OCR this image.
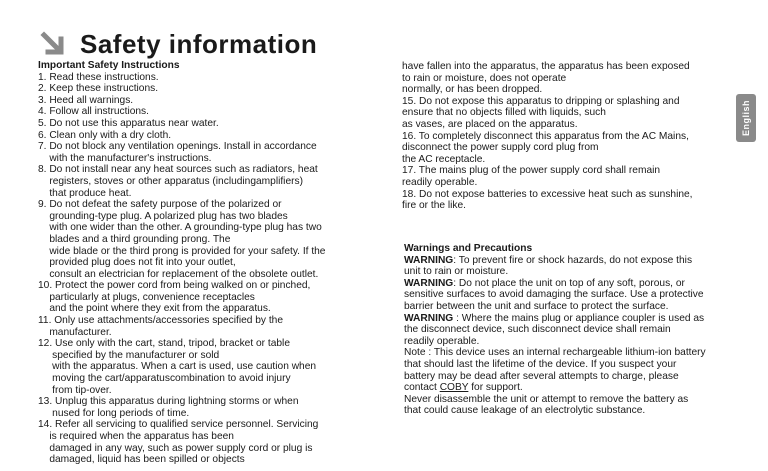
Safety information
Important Safety Instructions
1. Read these instructions.
2. Keep these instructions.
3. Heed all warnings.
4. Follow all instructions.
5. Do not use this apparatus near water.
6. Clean only with a dry cloth.
7. Do not block any ventilation openings. Install in accordance
with the manufacturer's instructions.
8. Do not install near any heat sources such as radiators, heat
registers, stoves or other apparatus (includingamplifiers)
that produce heat.
9. Do not defeat the safety purpose of the polarized or
grounding-type plug. A polarized plug has two blades
with one wider than the other. A grounding-type plug has two
blades and a third grounding prong. The
wide blade or the third prong is provided for your safety. If the
provided plug does not fit into your outlet,
consult an electrician for replacement of the obsolete outlet.
10. Protect the power cord from being walked on or pinched,
particularly at plugs, convenience receptacles
and the point where they exit from the apparatus.
11. Only use attachments/accessories specified by the
manufacturer.
12. Use only with the cart, stand, tripod, bracket or table
specified by the manufacturer or sold
with the apparatus. When a cart is used, use caution when
moving the cart/apparatuscombination to avoid injury
from tip-over.
13. Unplug this apparatus during lightning storms or when
nused for long periods of time.
14. Refer all servicing to qualified service personnel. Servicing
is required when the apparatus has been
damaged in any way, such as power supply cord or plug is
damaged, liquid has been spilled or objects
have fallen into the apparatus, the apparatus has been exposed
to rain or moisture, does not operate
normally, or has been dropped.
15. Do not expose this apparatus to dripping or splashing and
ensure that no objects filled with liquids, such
as vases, are placed on the apparatus.
16. To completely disconnect this apparatus from the AC Mains,
disconnect the power supply cord plug from
the AC receptacle.
17. The mains plug of the power supply cord shall remain
readily operable.
18. Do not expose batteries to excessive heat such as sunshine,
fire or the like.
Warnings and Precautions
WARNING: To prevent fire or shock hazards, do not expose this
unit to rain or moisture.
WARNING: Do not place the unit on top of any soft, porous, or
sensitive surfaces to avoid damaging the surface. Use a protective
barrier between the unit and surface to protect the surface.
WARNING : Where the mains plug or appliance coupler is used as
the disconnect device, such disconnect device shall remain
readily operable.
Note : This device uses an internal rechargeable lithium-ion battery
that should last the lifetime of the device. If you suspect your
battery may be dead after several attempts to charge, please
contact COBY for support.
Never disassemble the unit or attempt to remove the battery as
that could cause leakage of an electrolytic substance.
English
